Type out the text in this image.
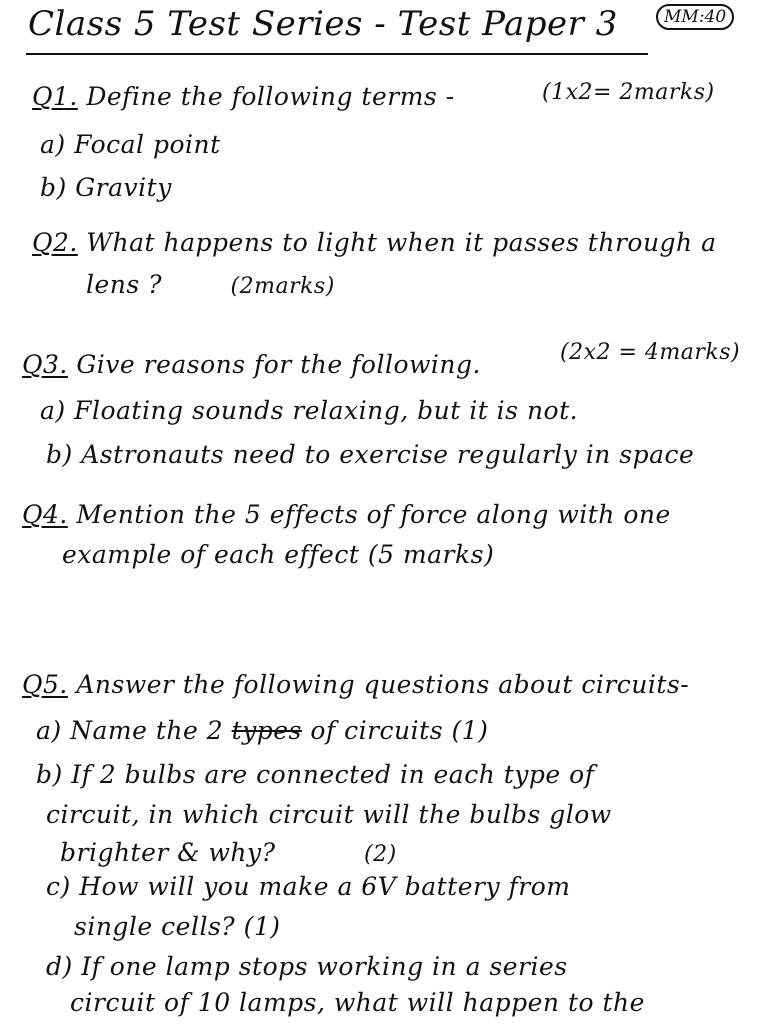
Class 5 Test Series - Test Paper 3	MM:40
Q1. Define the following terms -	(1x2= 2marks)
a) Focal point
b) Gravity
Q2. What happens to light when it passes through a
lens ?	(2marks)
Q3. Give reasons for the following.	(2x2 = 4marks)
a) Floating sounds relaxing, but it is not.
b) Astronauts need to exercise regularly in space
Q4. Mention the 5 effects of force along with one
example of each effect (5 marks)
Q5. Answer the following questions about circuits-
a) Name the 2 types of circuits (1)
b) If 2 bulbs are connected in each type of
circuit, in which circuit will the bulbs glow
brighter & why?	(2)
c) How will you make a 6V battery from
single cells? (1)
d) If one lamp stops working in a series
circuit of 10 lamps, what will happen to the
